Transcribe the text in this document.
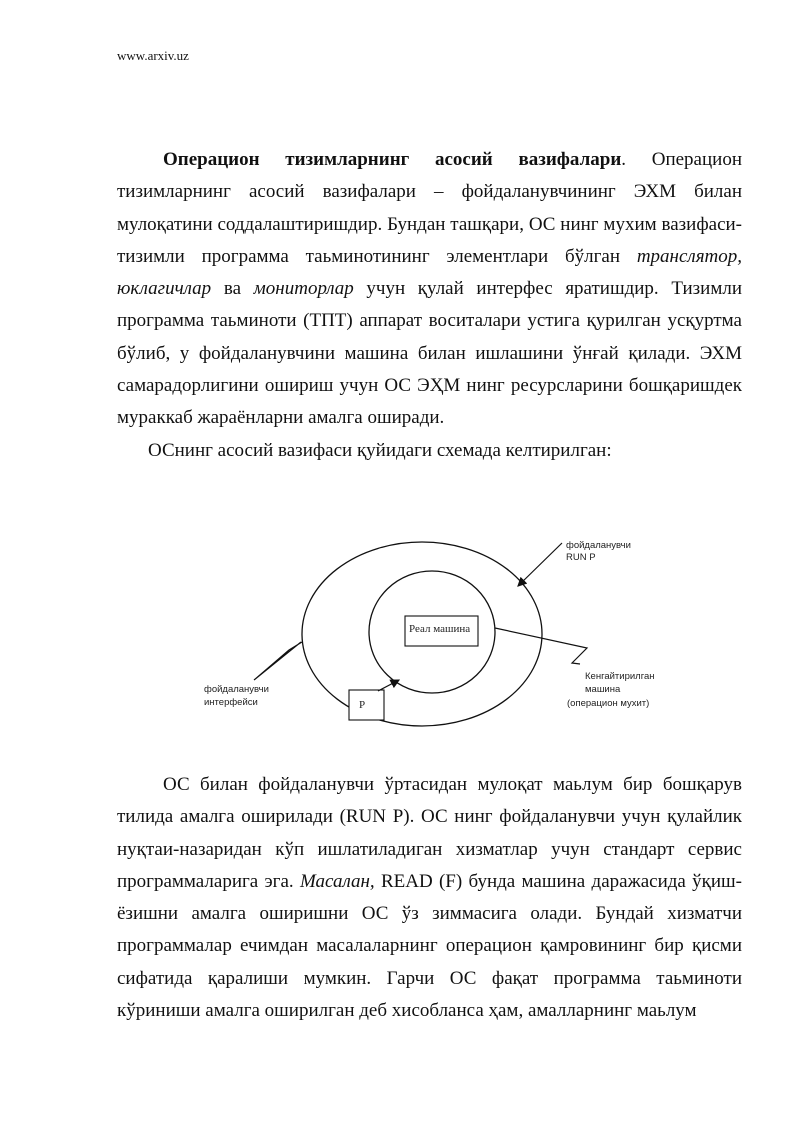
www.arxiv.uz
Операцион тизимларнинг асосий вазифалари. Операцион тизимларнинг асосий вазифалари – фойдаланувчининг ЭХМ билан мулоқатини соддалаштиришдир. Бундан ташқари, ОС нинг мухим вазифаси- тизимли программа таьминотининг элементлари бўлган транслятор, юклагичлар ва мониторлар учун қулай интерфес яратишдир. Тизимли программа таьминоти (ТПТ) аппарат воситалари устига қурилган усқуртма бўлиб, у фойдаланувчини машина билан ишлашини ўнғай қилади. ЭХМ самарадорлигини ошириш учун ОС ЭҲМ нинг ресурсларини бошқаришдек мураккаб жараёнларни амалга оширади.
ОСнинг асосий вазифаси қуйидаги схемада келтирилган:
Реал машина
P
фойдаланувчи
RUN P
фойдаланувчи
интерфейси
Кенгайтирилган
машина
(операцион мухит)
ОС билан фойдаланувчи ўртасидан мулоқат маьлум бир бошқарув тилида амалга оширилади (RUN P). ОС нинг фойдаланувчи учун қулайлик нуқтаи-назаридан кўп ишлатиладиган хизматлар учун стандарт сервис программаларига эга. Масалан, READ (F) бунда машина даражасида ўқиш-ёзишни амалга оширишни ОС ўз зиммасига олади. Бундай хизматчи программалар ечимдан масалаларнинг операцион қамровининг бир қисми сифатида қаралиши мумкин. Гарчи ОС фақат программа таьминоти кўриниши амалга оширилган деб хисобланса ҳам, амалларнинг маьлум
